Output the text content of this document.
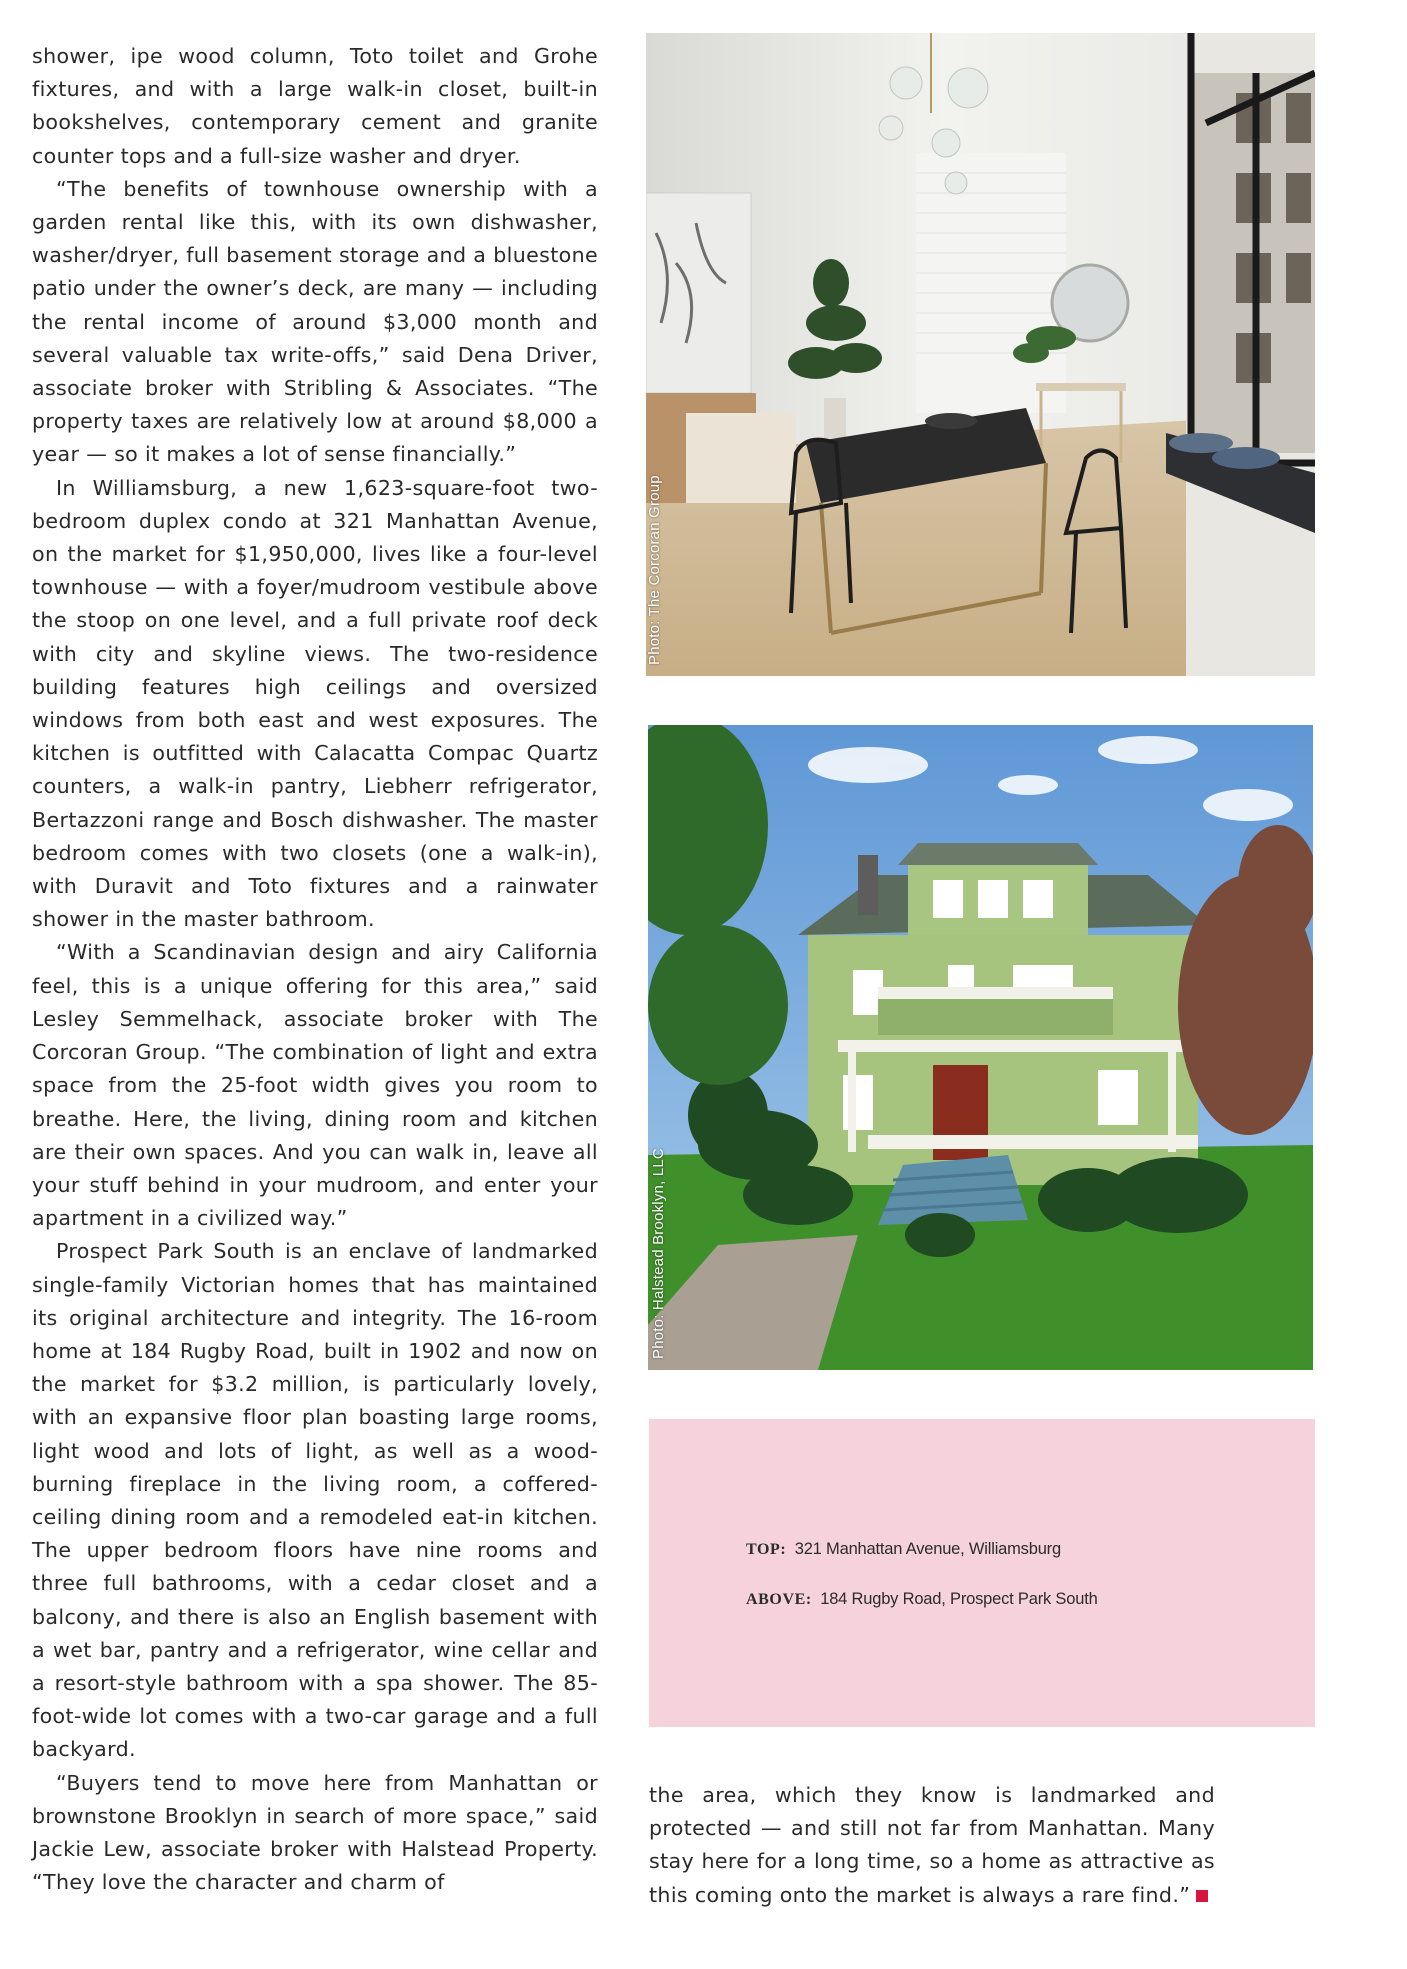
shower, ipe wood column, Toto toilet and Grohe fixtures, and with a large walk-in closet, built-in bookshelves, contemporary cement and granite counter tops and a full-size washer and dryer.

“The benefits of townhouse ownership with a garden rental like this, with its own dishwasher, washer/dryer, full basement storage and a bluestone patio under the owner’s deck, are many — including the rental income of around $3,000 month and several valuable tax write-offs,” said Dena Driver, associate broker with Stribling & Associates. “The property taxes are relatively low at around $8,000 a year — so it makes a lot of sense financially.”

In Williamsburg, a new 1,623-square-foot two-bedroom duplex condo at 321 Manhattan Avenue, on the market for $1,950,000, lives like a four-level townhouse — with a foyer/mudroom vestibule above the stoop on one level, and a full private roof deck with city and skyline views. The two-residence building features high ceilings and oversized windows from both east and west exposures. The kitchen is outfitted with Calacatta Compac Quartz counters, a walk-in pantry, Liebherr refrigerator, Bertazzoni range and Bosch dishwasher. The master bedroom comes with two closets (one a walk-in), with Duravit and Toto fixtures and a rainwater shower in the master bathroom.

“With a Scandinavian design and airy California feel, this is a unique offering for this area,” said Lesley Semmelhack, associate broker with The Corcoran Group. “The combination of light and extra space from the 25-foot width gives you room to breathe. Here, the living, dining room and kitchen are their own spaces. And you can walk in, leave all your stuff behind in your mudroom, and enter your apartment in a civilized way.”

Prospect Park South is an enclave of landmarked single-family Victorian homes that has maintained its original architecture and integrity. The 16-room home at 184 Rugby Road, built in 1902 and now on the market for $3.2 million, is particularly lovely, with an expansive floor plan boasting large rooms, light wood and lots of light, as well as a wood-burning fireplace in the living room, a coffered-ceiling dining room and a remodeled eat-in kitchen. The upper bedroom floors have nine rooms and three full bathrooms, with a cedar closet and a balcony, and there is also an English basement with a wet bar, pantry and a refrigerator, wine cellar and a resort-style bathroom with a spa shower. The 85-foot-wide lot comes with a two-car garage and a full backyard.

“Buyers tend to move here from Manhattan or brownstone Brooklyn in search of more space,” said Jackie Lew, associate broker with Halstead Property. “They love the character and charm of

Photo: The Corcoran Group
Photo: Halstead Brooklyn, LLC
TOP: 321 Manhattan Avenue, Williamsburg
ABOVE: 184 Rugby Road, Prospect Park South

the area, which they know is landmarked and protected — and still not far from Manhattan. Many stay here for a long time, so a home as attractive as this coming onto the market is always a rare find.”
